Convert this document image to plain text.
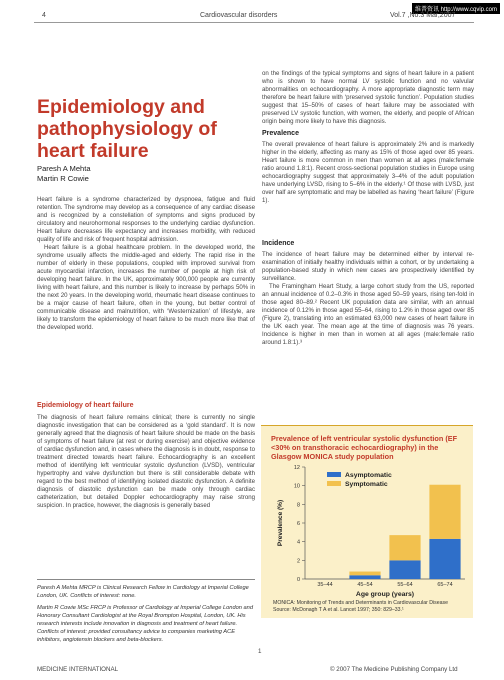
维普资讯 http://www.cqvip.com
4	Cardiovascular disorders	Vol.7 ,No.3 Mar,2007
Epidemiology and pathophysiology of heart failure
Paresh A Mehta
Martin R Cowie

Heart failure is a syndrome characterized by dyspnoea, fatigue and fluid retention. The syndrome may develop as a consequence of any cardiac disease and is recognized by a constellation of symptoms and signs produced by circulatory and neurohormonal responses to the underlying cardiac dysfunction. Heart failure decreases life expectancy and increases morbidity, with reduced quality of life and risk of frequent hospital admission.

Heart failure is a global healthcare problem. In the developed world, the syndrome usually affects the middle-aged and elderly. The rapid rise in the number of elderly in these populations, coupled with improved survival from acute myocardial infarction, increases the number of people at high risk of developing heart failure. In the UK, approximately 900,000 people are currently living with heart failure, and this number is likely to increase by perhaps 50% in the next 20 years. In the developing world, rheumatic heart disease continues to be a major cause of heart failure, often in the young, but better control of communicable disease and malnutrition, with ‘Westernization’ of lifestyle, are likely to transform the epidemiology of heart failure to be much more like that of the developed world.

Epidemiology of heart failure
The diagnosis of heart failure remains clinical; there is currently no single diagnostic investigation that can be considered as a ‘gold standard’. It is now generally agreed that the diagnosis of heart failure should be made on the basis of symptoms of heart failure (at rest or during exercise) and objective evidence of cardiac dysfunction and, in cases where the diagnosis is in doubt, response to treatment directed towards heart failure. Echocardiography is an excellent method of identifying left ventricular systolic dysfunction (LVSD), ventricular hypertrophy and valve dysfunction but there is still considerable debate with regard to the best method of identifying isolated diastolic dysfunction. A definite diagnosis of diastolic dysfunction can be made only through cardiac catheterization, but detailed Doppler echocardiography may raise strong suspicion. In practice, however, the diagnosis is generally based
Paresh A Mehta MRCP is Clinical Research Fellow in Cardiology at Imperial College London, UK. Conflicts of interest: none.
Martin R Cowie MSc FRCP is Professor of Cardiology at Imperial College London and Honorary Consultant Cardiologist at the Royal Brompton Hospital, London, UK. His research interests include innovation in diagnosis and treatment of heart failure. Conflicts of interest: provided consultancy advice to companies marketing ACE inhibitors, angiotensin blockers and beta-blockers.
on the findings of the typical symptoms and signs of heart failure in a patient who is shown to have normal LV systolic function and no valvular abnormalities on echocardiography. A more appropriate diagnostic term may therefore be heart failure with ‘preserved systolic function’. Population studies suggest that 15–50% of cases of heart failure may be associated with preserved LV systolic function, with women, the elderly, and people of African origin being more likely to have this diagnosis.
Prevalence
The overall prevalence of heart failure is approximately 2% and is markedly higher in the elderly, affecting as many as 15% of those aged over 85 years. Heart failure is more common in men than women at all ages (male:female ratio around 1.8:1). Recent cross-sectional population studies in Europe using echocardiography suggest that approximately 3–4% of the adult population have underlying LVSD, rising to 5–6% in the elderly.¹ Of those with LVSD, just over half are symptomatic and may be labelled as having ‘heart failure’ (Figure 1).
Incidence

The incidence of heart failure may be determined either by interval re-examination of initially healthy individuals within a cohort, or by undertaking a population-based study in which new cases are prospectively identified by surveillance.

The Framingham Heart Study, a large cohort study from the US, reported an annual incidence of 0.2–0.3% in those aged 50–59 years, rising ten-fold in those aged 80–89.² Recent UK population data are similar, with an annual incidence of 0.12% in those aged 55–64, rising to 1.2% in those aged over 85 (Figure 2), translating into an estimated 63,000 new cases of heart failure in the UK each year. The mean age at the time of diagnosis was 76 years. Incidence is higher in men than in women at all ages (male:female ratio around 1.8:1).³

Prevalence of left ventricular systolic dysfunction (EF <30% on transthoracic echocardiography) in the Glasgow MONICA study population
0
2
4
6
8
10
12
Prevalence (%)
35–44	45–54	55–64	65–74
Age group (years)
Asymptomatic
Symptomatic
MONICA: Monitoring of Trends and Determinants in Cardiovascular Disease
Source: McDonagh T A et al. Lancet 1997; 350: 829–33.¹
MEDICINE INTERNATIONAL
1
© 2007 The Medicine Publishing Company Ltd
